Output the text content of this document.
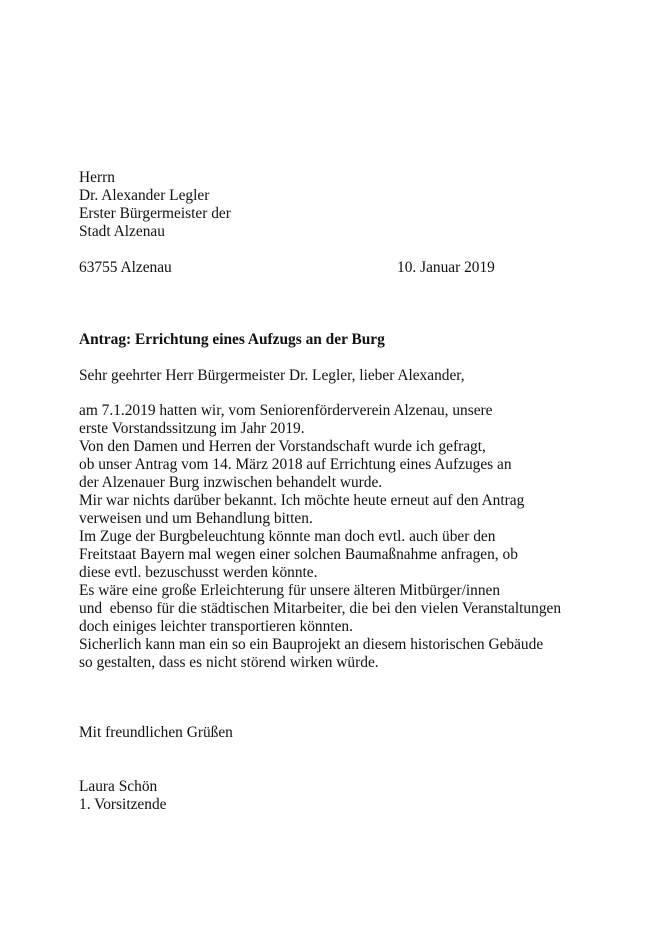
Herrn
Dr. Alexander Legler
Erster Bürgermeister der
Stadt Alzenau
63755 Alzenau	10. Januar 2019
Antrag: Errichtung eines Aufzugs an der Burg
Sehr geehrter Herr Bürgermeister Dr. Legler, lieber Alexander,
am 7.1.2019 hatten wir, vom Seniorenförderverein Alzenau, unsere
erste Vorstandssitzung im Jahr 2019.
Von den Damen und Herren der Vorstandschaft wurde ich gefragt,
ob unser Antrag vom 14. März 2018 auf Errichtung eines Aufzuges an
der Alzenauer Burg inzwischen behandelt wurde.
Mir war nichts darüber bekannt. Ich möchte heute erneut auf den Antrag
verweisen und um Behandlung bitten.
Im Zuge der Burgbeleuchtung könnte man doch evtl. auch über den
Freitstaat Bayern mal wegen einer solchen Baumaßnahme anfragen, ob
diese evtl. bezuschusst werden könnte.
Es wäre eine große Erleichterung für unsere älteren Mitbürger/innen
und  ebenso für die städtischen Mitarbeiter, die bei den vielen Veranstaltungen
doch einiges leichter transportieren könnten.
Sicherlich kann man ein so ein Bauprojekt an diesem historischen Gebäude
so gestalten, dass es nicht störend wirken würde.
Mit freundlichen Grüßen
Laura Schön
1. Vorsitzende
